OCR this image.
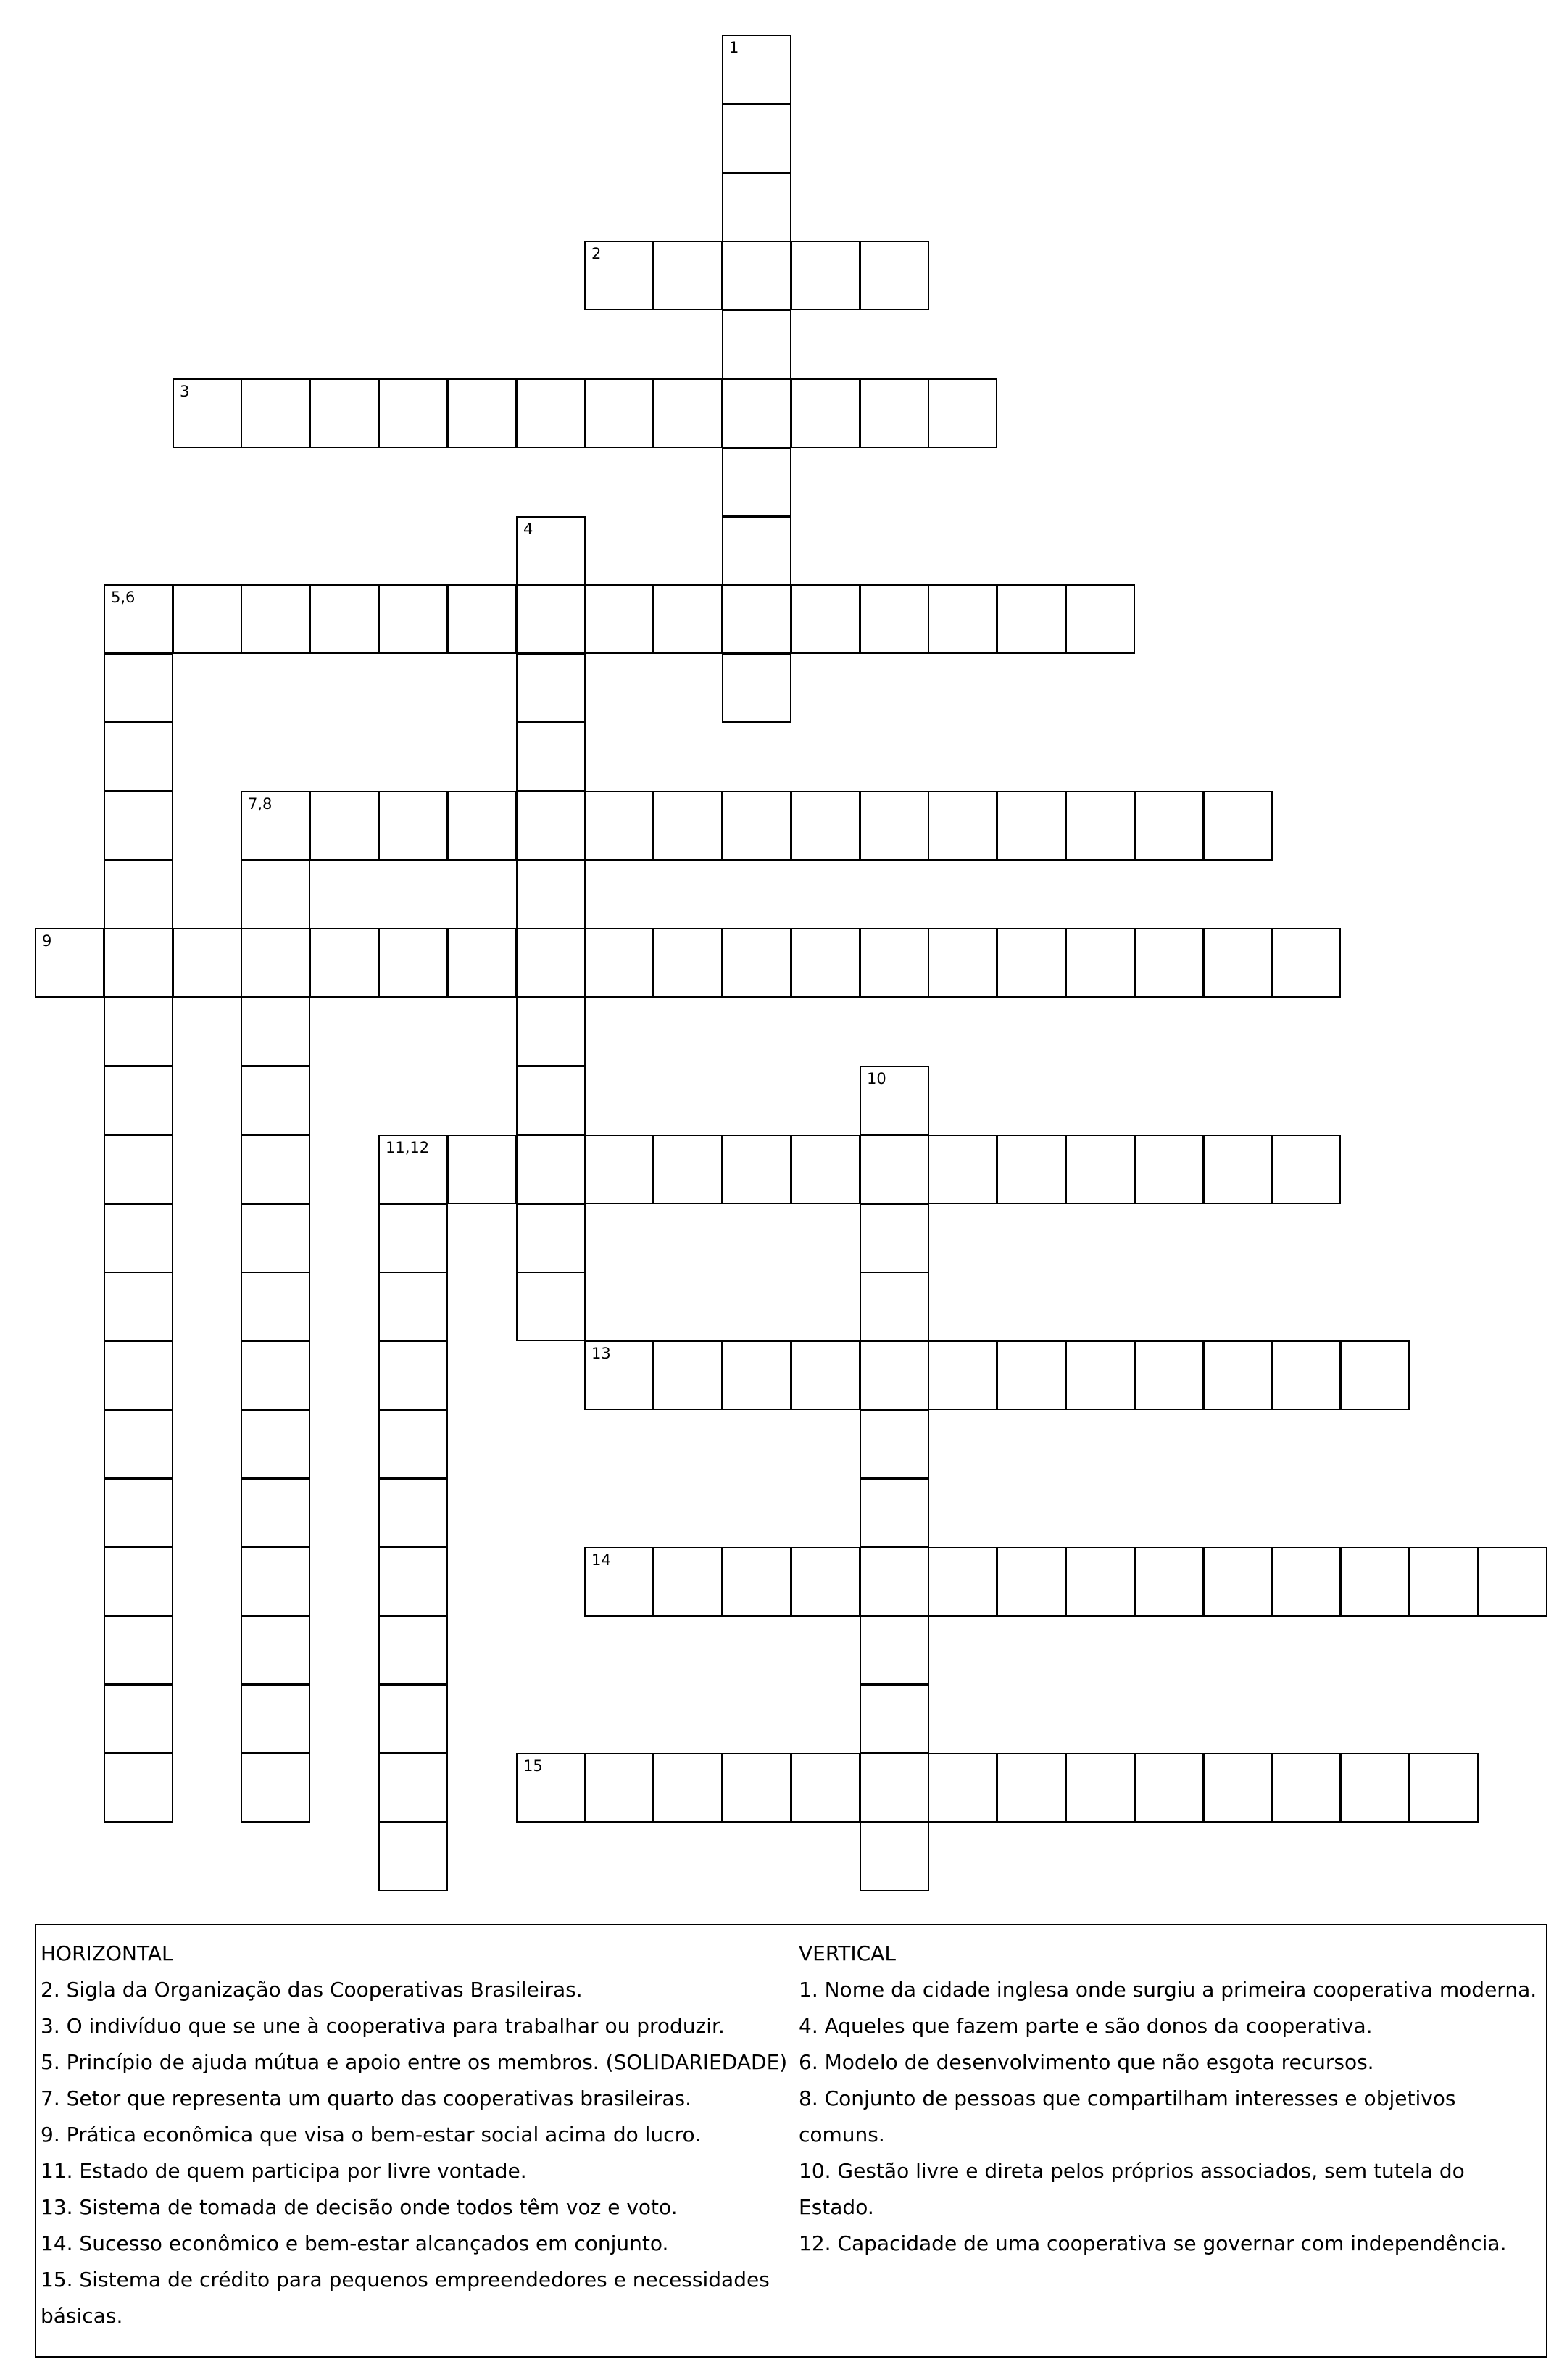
1
2
3
4
5,6
7,8
9
10
11,12
13
14
15
HORIZONTAL
2. Sigla da Organização das Cooperativas Brasileiras.
3. O indivíduo que se une à cooperativa para trabalhar ou produzir.
5. Princípio de ajuda mútua e apoio entre os membros. (SOLIDARIEDADE)
7. Setor que representa um quarto das cooperativas brasileiras.
9. Prática econômica que visa o bem-estar social acima do lucro.
11. Estado de quem participa por livre vontade.
13. Sistema de tomada de decisão onde todos têm voz e voto.
14. Sucesso econômico e bem-estar alcançados em conjunto.
15. Sistema de crédito para pequenos empreendedores e necessidades
básicas.
VERTICAL
1. Nome da cidade inglesa onde surgiu a primeira cooperativa moderna.
4. Aqueles que fazem parte e são donos da cooperativa.
6. Modelo de desenvolvimento que não esgota recursos.
8. Conjunto de pessoas que compartilham interesses e objetivos comuns.
10. Gestão livre e direta pelos próprios associados, sem tutela do Estado.
12. Capacidade de uma cooperativa se governar com independência.
